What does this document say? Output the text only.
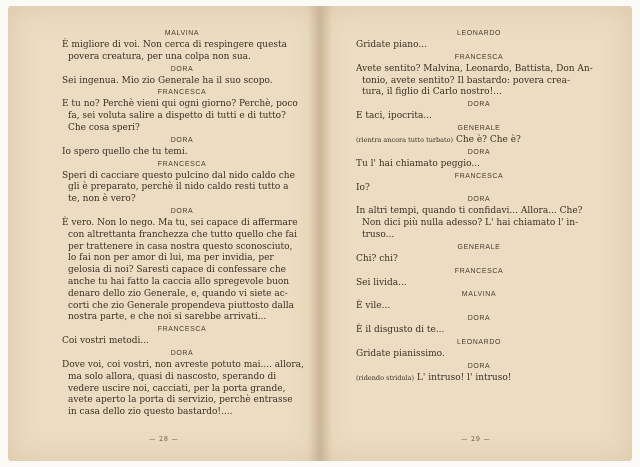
MALVINA
È migliore di voi. Non cerca di respingere questa
povera creatura, per una colpa non sua.
DORA
Sei ingenua. Mio zio Generale ha il suo scopo.
FRANCESCA
E tu no? Perchè vieni qui ogni giorno? Perchè, poco
fa, sei voluta salire a dispetto di tutti e di tutto?
Che cosa speri?
DORA
Io spero quello che tu temi.
FRANCESCA
Speri di cacciare questo pulcino dal nido caldo che
gli è preparato, perchè il nido caldo resti tutto a
te, non è vero?
DORA
È vero. Non lo nego. Ma tu, sei capace di affermare
con altrettanta franchezza che tutto quello che fai
per trattenere in casa nostra questo sconosciuto,
lo fai non per amor di lui, ma per invidia, per
gelosia di noi? Saresti capace di confessare che
anche tu hai fatto la caccia allo spregevole buon
denaro dello zio Generale, e, quando vi siete ac-
corti che zio Generale propendeva piuttosto dalla
nostra parte, e che noi si sarebbe arrivati...
FRANCESCA
Coi vostri metodi...
DORA
Dove voi, coi vostri, non avreste potuto mai.... allora,
ma solo allora, quasi di nascosto, sperando di
vedere uscire noi, cacciati, per la porta grande,
avete aperto la porta di servizio, perchè entrasse
in casa dello zio questo bastardo!....
— 28 —
LEONARDO
Gridate piano...
FRANCESCA
Avete sentito? Malvina, Leonardo, Battista, Don An-
tonio, avete sentito? Il bastardo: povera crea-
tura, il figlio di Carlo nostro!...
DORA
E taci, ipocrita...
GENERALE
(rientra ancora tutto turbato) Che è? Che è?
DORA
Tu l' hai chiamato peggio...
FRANCESCA
Io?
DORA
In altri tempi, quando ti confidavi... Allora... Che?
Non dici più nulla adesso? L' hai chiamato l' in-
truso...
GENERALE
Chi? chi?
FRANCESCA
Sei livida...
MALVINA
È vile...
DORA
È il disgusto di te...
LEONARDO
Gridate pianissimo.
DORA
(ridendo stridula) L' intruso! l' intruso!
— 29 —
